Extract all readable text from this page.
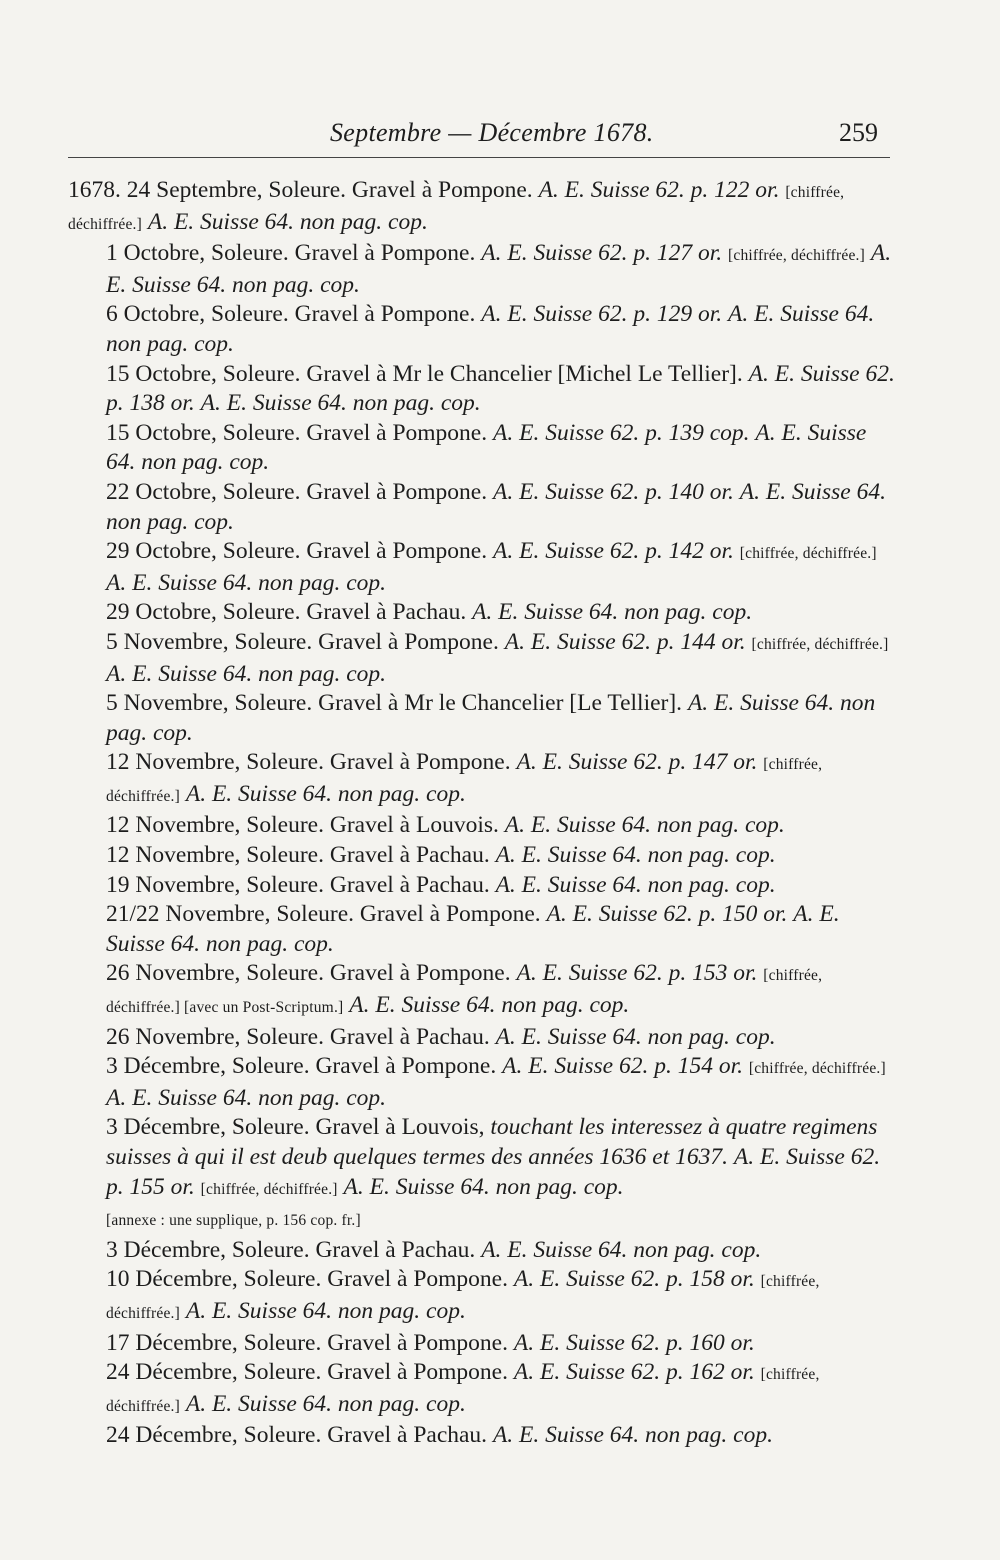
Septembre — Décembre 1678.	259
1678. 24 Septembre, Soleure. Gravel à Pompone. A. E. Suisse 62. p. 122 or. [chiffrée, déchiffrée.] A. E. Suisse 64. non pag. cop.
1 Octobre, Soleure. Gravel à Pompone. A. E. Suisse 62. p. 127 or. [chiffrée, déchiffrée.] A. E. Suisse 64. non pag. cop.
6 Octobre, Soleure. Gravel à Pompone. A. E. Suisse 62. p. 129 or. A. E. Suisse 64. non pag. cop.
15 Octobre, Soleure. Gravel à Mr le Chancelier [Michel Le Tellier]. A. E. Suisse 62. p. 138 or. A. E. Suisse 64. non pag. cop.
15 Octobre, Soleure. Gravel à Pompone. A. E. Suisse 62. p. 139 cop. A. E. Suisse 64. non pag. cop.
22 Octobre, Soleure. Gravel à Pompone. A. E. Suisse 62. p. 140 or. A. E. Suisse 64. non pag. cop.
29 Octobre, Soleure. Gravel à Pompone. A. E. Suisse 62. p. 142 or. [chiffrée, déchiffrée.] A. E. Suisse 64. non pag. cop.
29 Octobre, Soleure. Gravel à Pachau. A. E. Suisse 64. non pag. cop.
5 Novembre, Soleure. Gravel à Pompone. A. E. Suisse 62. p. 144 or. [chiffrée, déchiffrée.] A. E. Suisse 64. non pag. cop.
5 Novembre, Soleure. Gravel à Mr le Chancelier [Le Tellier]. A. E. Suisse 64. non pag. cop.
12 Novembre, Soleure. Gravel à Pompone. A. E. Suisse 62. p. 147 or. [chiffrée, déchiffrée.] A. E. Suisse 64. non pag. cop.
12 Novembre, Soleure. Gravel à Louvois. A. E. Suisse 64. non pag. cop.
12 Novembre, Soleure. Gravel à Pachau. A. E. Suisse 64. non pag. cop.
19 Novembre, Soleure. Gravel à Pachau. A. E. Suisse 64. non pag. cop.
21/22 Novembre, Soleure. Gravel à Pompone. A. E. Suisse 62. p. 150 or. A. E. Suisse 64. non pag. cop.
26 Novembre, Soleure. Gravel à Pompone. A. E. Suisse 62. p. 153 or. [chiffrée, déchiffrée.] [avec un Post-Scriptum.] A. E. Suisse 64. non pag. cop.
26 Novembre, Soleure. Gravel à Pachau. A. E. Suisse 64. non pag. cop.
3 Décembre, Soleure. Gravel à Pompone. A. E. Suisse 62. p. 154 or. [chiffrée, déchiffrée.] A. E. Suisse 64. non pag. cop.
3 Décembre, Soleure. Gravel à Louvois, touchant les interessez à quatre regimens suisses à qui il est deub quelques termes des années 1636 et 1637. A. E. Suisse 62. p. 155 or. [chiffrée, déchiffrée.] A. E. Suisse 64. non pag. cop.
[annexe : une supplique, p. 156 cop. fr.]
3 Décembre, Soleure. Gravel à Pachau. A. E. Suisse 64. non pag. cop.
10 Décembre, Soleure. Gravel à Pompone. A. E. Suisse 62. p. 158 or. [chiffrée, déchiffrée.] A. E. Suisse 64. non pag. cop.
17 Décembre, Soleure. Gravel à Pompone. A. E. Suisse 62. p. 160 or.
24 Décembre, Soleure. Gravel à Pompone. A. E. Suisse 62. p. 162 or. [chiffrée, déchiffrée.] A. E. Suisse 64. non pag. cop.
24 Décembre, Soleure. Gravel à Pachau. A. E. Suisse 64. non pag. cop.
